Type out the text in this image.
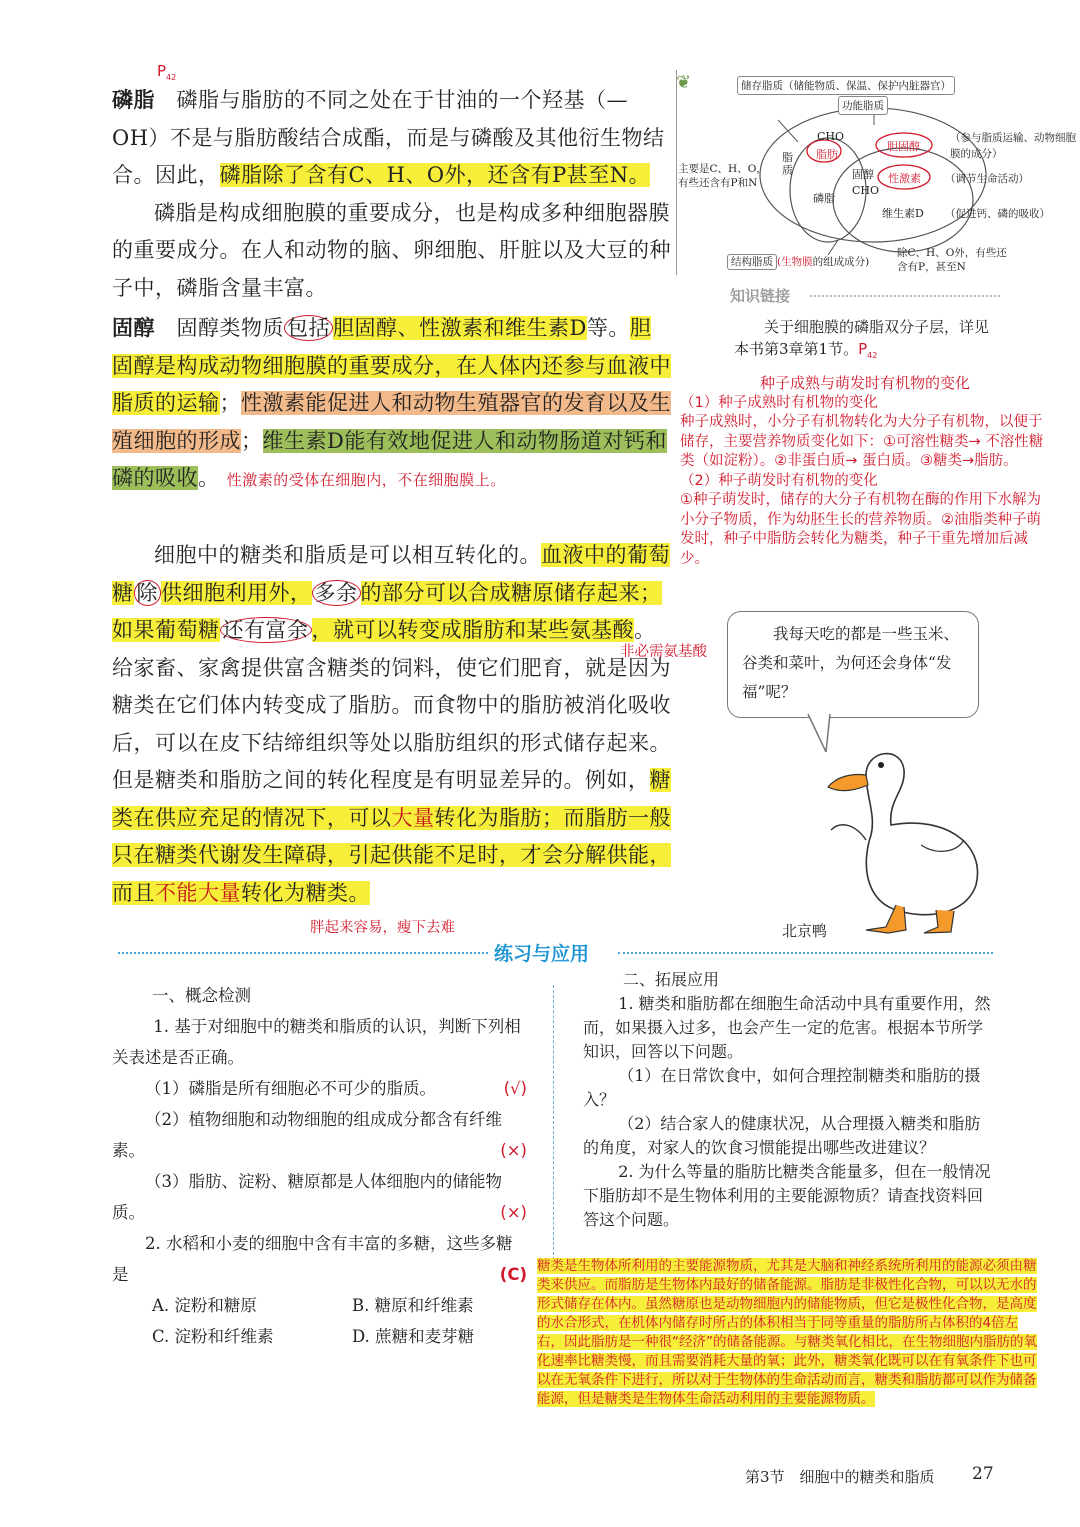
$P_{42}$

磷脂　 磷脂与脂肪的不同之处在于甘油的一个羟基（—OH）不是与脂肪酸结合成酯，而是与磷酸及其他衍生物结合。因此，磷脂除了含有C、H、O外，还含有P甚至N。

磷脂是构成细胞膜的重要成分，也是构成多种细胞器膜的重要成分。在人和动物的脑、卵细胞、肝脏以及大豆的种子中，磷脂含量丰富。

固醇　 固醇类物质 包括 胆固醇、性激素和维生素D等。胆固醇是构成动物细胞膜的重要成分，在人体内还参与血液中脂质的运输；性激素能促进人和动物生殖器官的发育以及生殖细胞的形成；维生素D能有效地促进人和动物肠道对钙和磷的吸收。 性激素的受体在细胞内，不在细胞膜上。

细胞中的糖类和脂质是可以相互转化的。血液中的葡萄糖 除 供细胞利用外， 多余 的部分可以合成糖原储存起来；如果葡萄糖 还有富余 ，就可以转变成脂肪和某些氨基酸。给家畜、家禽提供富含糖类的饲料，使它们肥育，就是因为糖类在它们体内转变成了脂肪。而食物中的脂肪被消化吸收后，可以在皮下结缔组织等处以脂肪组织的形式储存起来。但是糖类和脂肪之间的转化程度是有明显差异的。例如，糖类在供应充足的情况下，可以大量转化为脂肪；而脂肪一般只在糖类代谢发生障碍，引起供能不足时，才会分解供能，而且不能大量转化为糖类。

非必需氨基酸
胖起来容易，瘦下去难
❦	储存脂质（储能物质、保温、保护内脏器官）
功能脂质
脂质
CHO
脂肪
磷脂
固醇
CHO
胆固醇
性激素
维生素D
（参与脂质运输、动物细胞膜的成分）
（调节生命活动）
（促进钙、磷的吸收）
主要是C、H、O，有些还含有P和N
结构脂质 (生物膜的组成成分)
除C、H、O外，有些还含有P，甚至N
知识链接
关于细胞膜的磷脂双分子层，详见本书第3章第1节。$P_{42}$
种子成熟与萌发时有机物的变化
（1）种子成熟时有机物的变化
种子成熟时，小分子有机物转化为大分子有机物，以便于储存，主要营养物质变化如下：①可溶性糖类→ 不溶性糖类（如淀粉）。②非蛋白质→ 蛋白质。③糖类→脂肪。
（2）种子萌发时有机物的变化
①种子萌发时，储存的大分子有机物在酶的作用下水解为小分子物质，作为幼胚生长的营养物质。②油脂类种子萌发时，种子中脂肪会转化为糖类，种子干重先增加后减少。
我每天吃的都是一些玉米、谷类和菜叶，为何还会身体“发福”呢？
北京鸭
练习与应用
一、概念检测
1. 基于对细胞中的糖类和脂质的认识，判断下列相关表述是否正确。
（1）磷脂是所有细胞必不可少的脂质。	(√)
（2）植物细胞和动物细胞的组成成分都含有纤维素。	(×)
（3）脂肪、淀粉、糖原都是人体细胞内的储能物质。	(×)
2. 水稻和小麦的细胞中含有丰富的多糖，这些多糖是	(C)
A. 淀粉和糖原	B. 糖原和纤维素
C. 淀粉和纤维素	D. 蔗糖和麦芽糖
二、拓展应用
1. 糖类和脂肪都在细胞生命活动中具有重要作用，然而，如果摄入过多，也会产生一定的危害。根据本节所学知识，回答以下问题。
（1）在日常饮食中，如何合理控制糖类和脂肪的摄入？
（2）结合家人的健康状况，从合理摄入糖类和脂肪的角度，对家人的饮食习惯能提出哪些改进建议？
2. 为什么等量的脂肪比糖类含能量多，但在一般情况下脂肪却不是生物体利用的主要能源物质？请查找资料回答这个问题。
糖类是生物体所利用的主要能源物质，尤其是大脑和神经系统所利用的能源必须由糖类来供应。而脂肪是生物体内最好的储备能源。脂肪是非极性化合物，可以以无水的形式储存在体内。虽然糖原也是动物细胞内的储能物质，但它是极性化合物，是高度的水合形式，在机体内储存时所占的体积相当于同等重量的脂肪所占体积的4倍左右，因此脂肪是一种很“经济”的储备能源。与糖类氧化相比，在生物细胞内脂肪的氧化速率比糖类慢，而且需要消耗大量的氧；此外，糖类氧化既可以在有氧条件下也可以在无氧条件下进行，所以对于生物体的生命活动而言，糖类和脂肪都可以作为储备能源，但是糖类是生物体生命活动利用的主要能源物质。
第3节　细胞中的糖类和脂质 27
